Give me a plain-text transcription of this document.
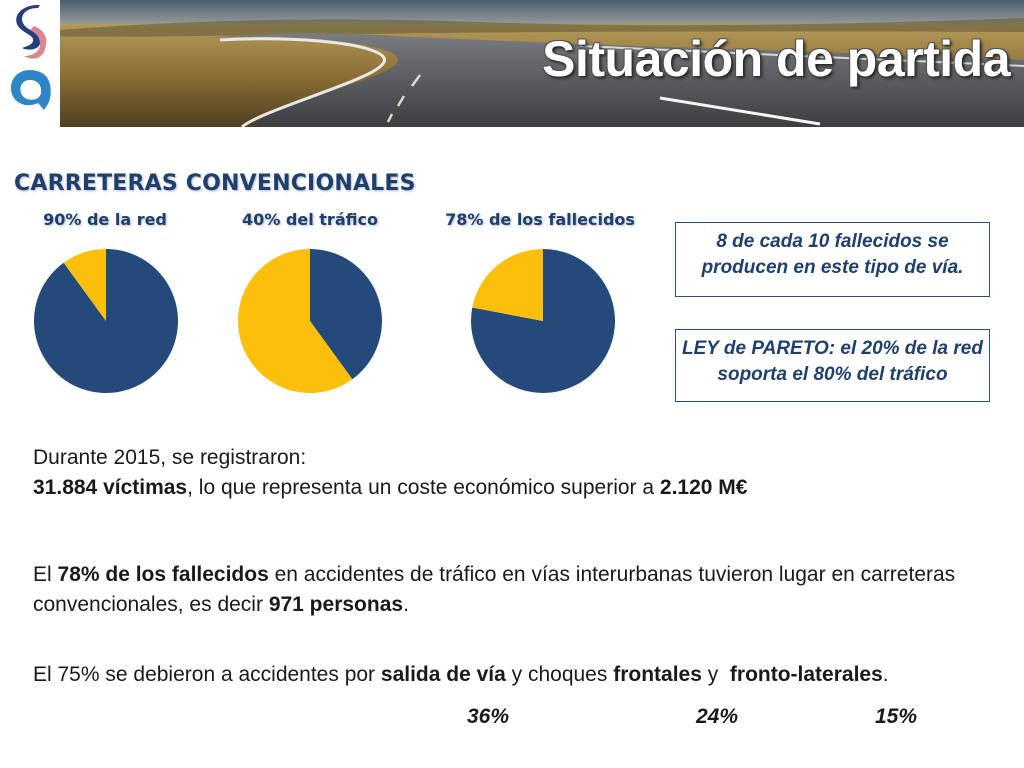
Situación de partida
CARRETERAS CONVENCIONALES
90% de la red	40% del tráfico	78% de los fallecidos
8 de cada 10 fallecidos se producen en este tipo de vía.
LEY de PARETO: el 20% de la red soporta el 80% del tráfico

Durante 2015, se registraron:
31.884 víctimas, lo que representa un coste económico superior a 2.120 M€

El 78% de los fallecidos en accidentes de tráfico en vías interurbanas tuvieron lugar en carreteras convencionales, es decir 971 personas.

El 75% se debieron a accidentes por salida de vía y choques frontales y  fronto-laterales.

36%	24%	15%
